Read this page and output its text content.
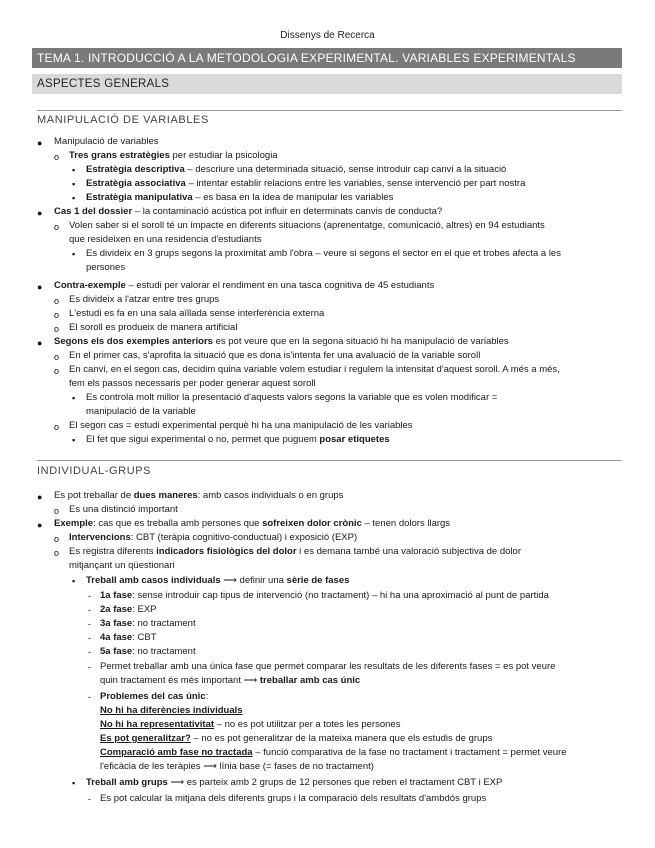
Dissenys de Recerca
TEMA 1. INTRODUCCIÓ A LA METODOLOGIA EXPERIMENTAL. VARIABLES EXPERIMENTALS
ASPECTES GENERALS
MANIPULACIÓ DE VARIABLES
● Manipulació de variables
o Tres grans estratègies per estudiar la psicologia
▪ Estratègia descriptiva – descriure una determinada situació, sense introduir cap canvi a la situació
▪ Estratègia associativa – intentar establir relacions entre les variables, sense intervenció per part nostra
▪ Estratègia manipulativa – es basa en la idea de manipular les variables
● Cas 1 del dossier – la contaminació acústica pot influir en determinats canvis de conducta?
o Volen saber si el soroll té un impacte en diferents situacions (aprenentatge, comunicació, altres) en 94 estudiants
que resideixen en una residencia d'estudiants
▪ Es divideix en 3 grups segons la proximitat amb l'obra – veure si segons el sector en el que et trobes afecta a les
persones
● Contra-exemple – estudi per valorar el rendiment en una tasca cognitiva de 45 estudiants
o Es divideix a l'atzar entre tres grups
o L'estudi es fa en una sala aïllada sense interferència externa
o El soroll es produeix de manera artificial
● Segons els dos exemples anteriors es pot veure que en la segona situació hi ha manipulació de variables
o En el primer cas, s'aprofita la situació que es dona is'intenta fer una avaluació de la variable soroll
o En canvi, en el segon cas, decidim quina variable volem estudiar i regulem la intensitat d'aquest soroll. A més a més,
fem els passos necessaris per poder generar aquest soroll
▪ Es controla molt millor la presentació d'aquests valors segons la variable que es volen modificar =
manipulació de la variable
o El segon cas = estudi experimental perquè hi ha una manipulació de les variables
▪ El fet que sigui experimental o no, permet que puguem posar etiquetes
INDIVIDUAL-GRUPS
● Es pot treballar de dues maneres: amb casos individuals o en grups
o Es una distinció important
● Exemple: cas que es treballa amb persones que sofreixen dolor crònic – tenen dolors llargs
o Intervencions: CBT (teràpia cognitivo-conductual) i exposició (EXP)
o Es registra diferents indicadors fisiològics del dolor i es demana també una valoració subjectiva de dolor
mitjançant un qüestionari
▪ Treball amb casos individuals ⟶ definir una sèrie de fases
- 1a fase: sense introduir cap tipus de intervenció (no tractament) – hi ha una aproximació al punt de partida
- 2a fase: EXP
- 3a fase: no tractament
- 4a fase: CBT
- 5a fase: no tractament
- Permet treballar amb una única fase que permet comparar les resultats de les diferents fases = es pot veure
quin tractament és més important ⟶ treballar amb cas únic
- Problemes del cas únic:
No hi ha diferències individuals
No hi ha representativitat – no es pot utilitzar per a totes les persones
Es pot generalitzar? – no es pot generalitzar de la mateixa manera que els estudis de grups
Comparació amb fase no tractada – funció comparativa de la fase no tractament i tractament = permet veure
l'eficàcia de les teràpies ⟶ línia base (= fases de no tractament)
▪ Treball amb grups ⟶ es parteix amb 2 grups de 12 persones que reben el tractament CBT i EXP
- Es pot calcular la mitjana dels diferents grups i la comparació dels resultats d'ambdós grups
